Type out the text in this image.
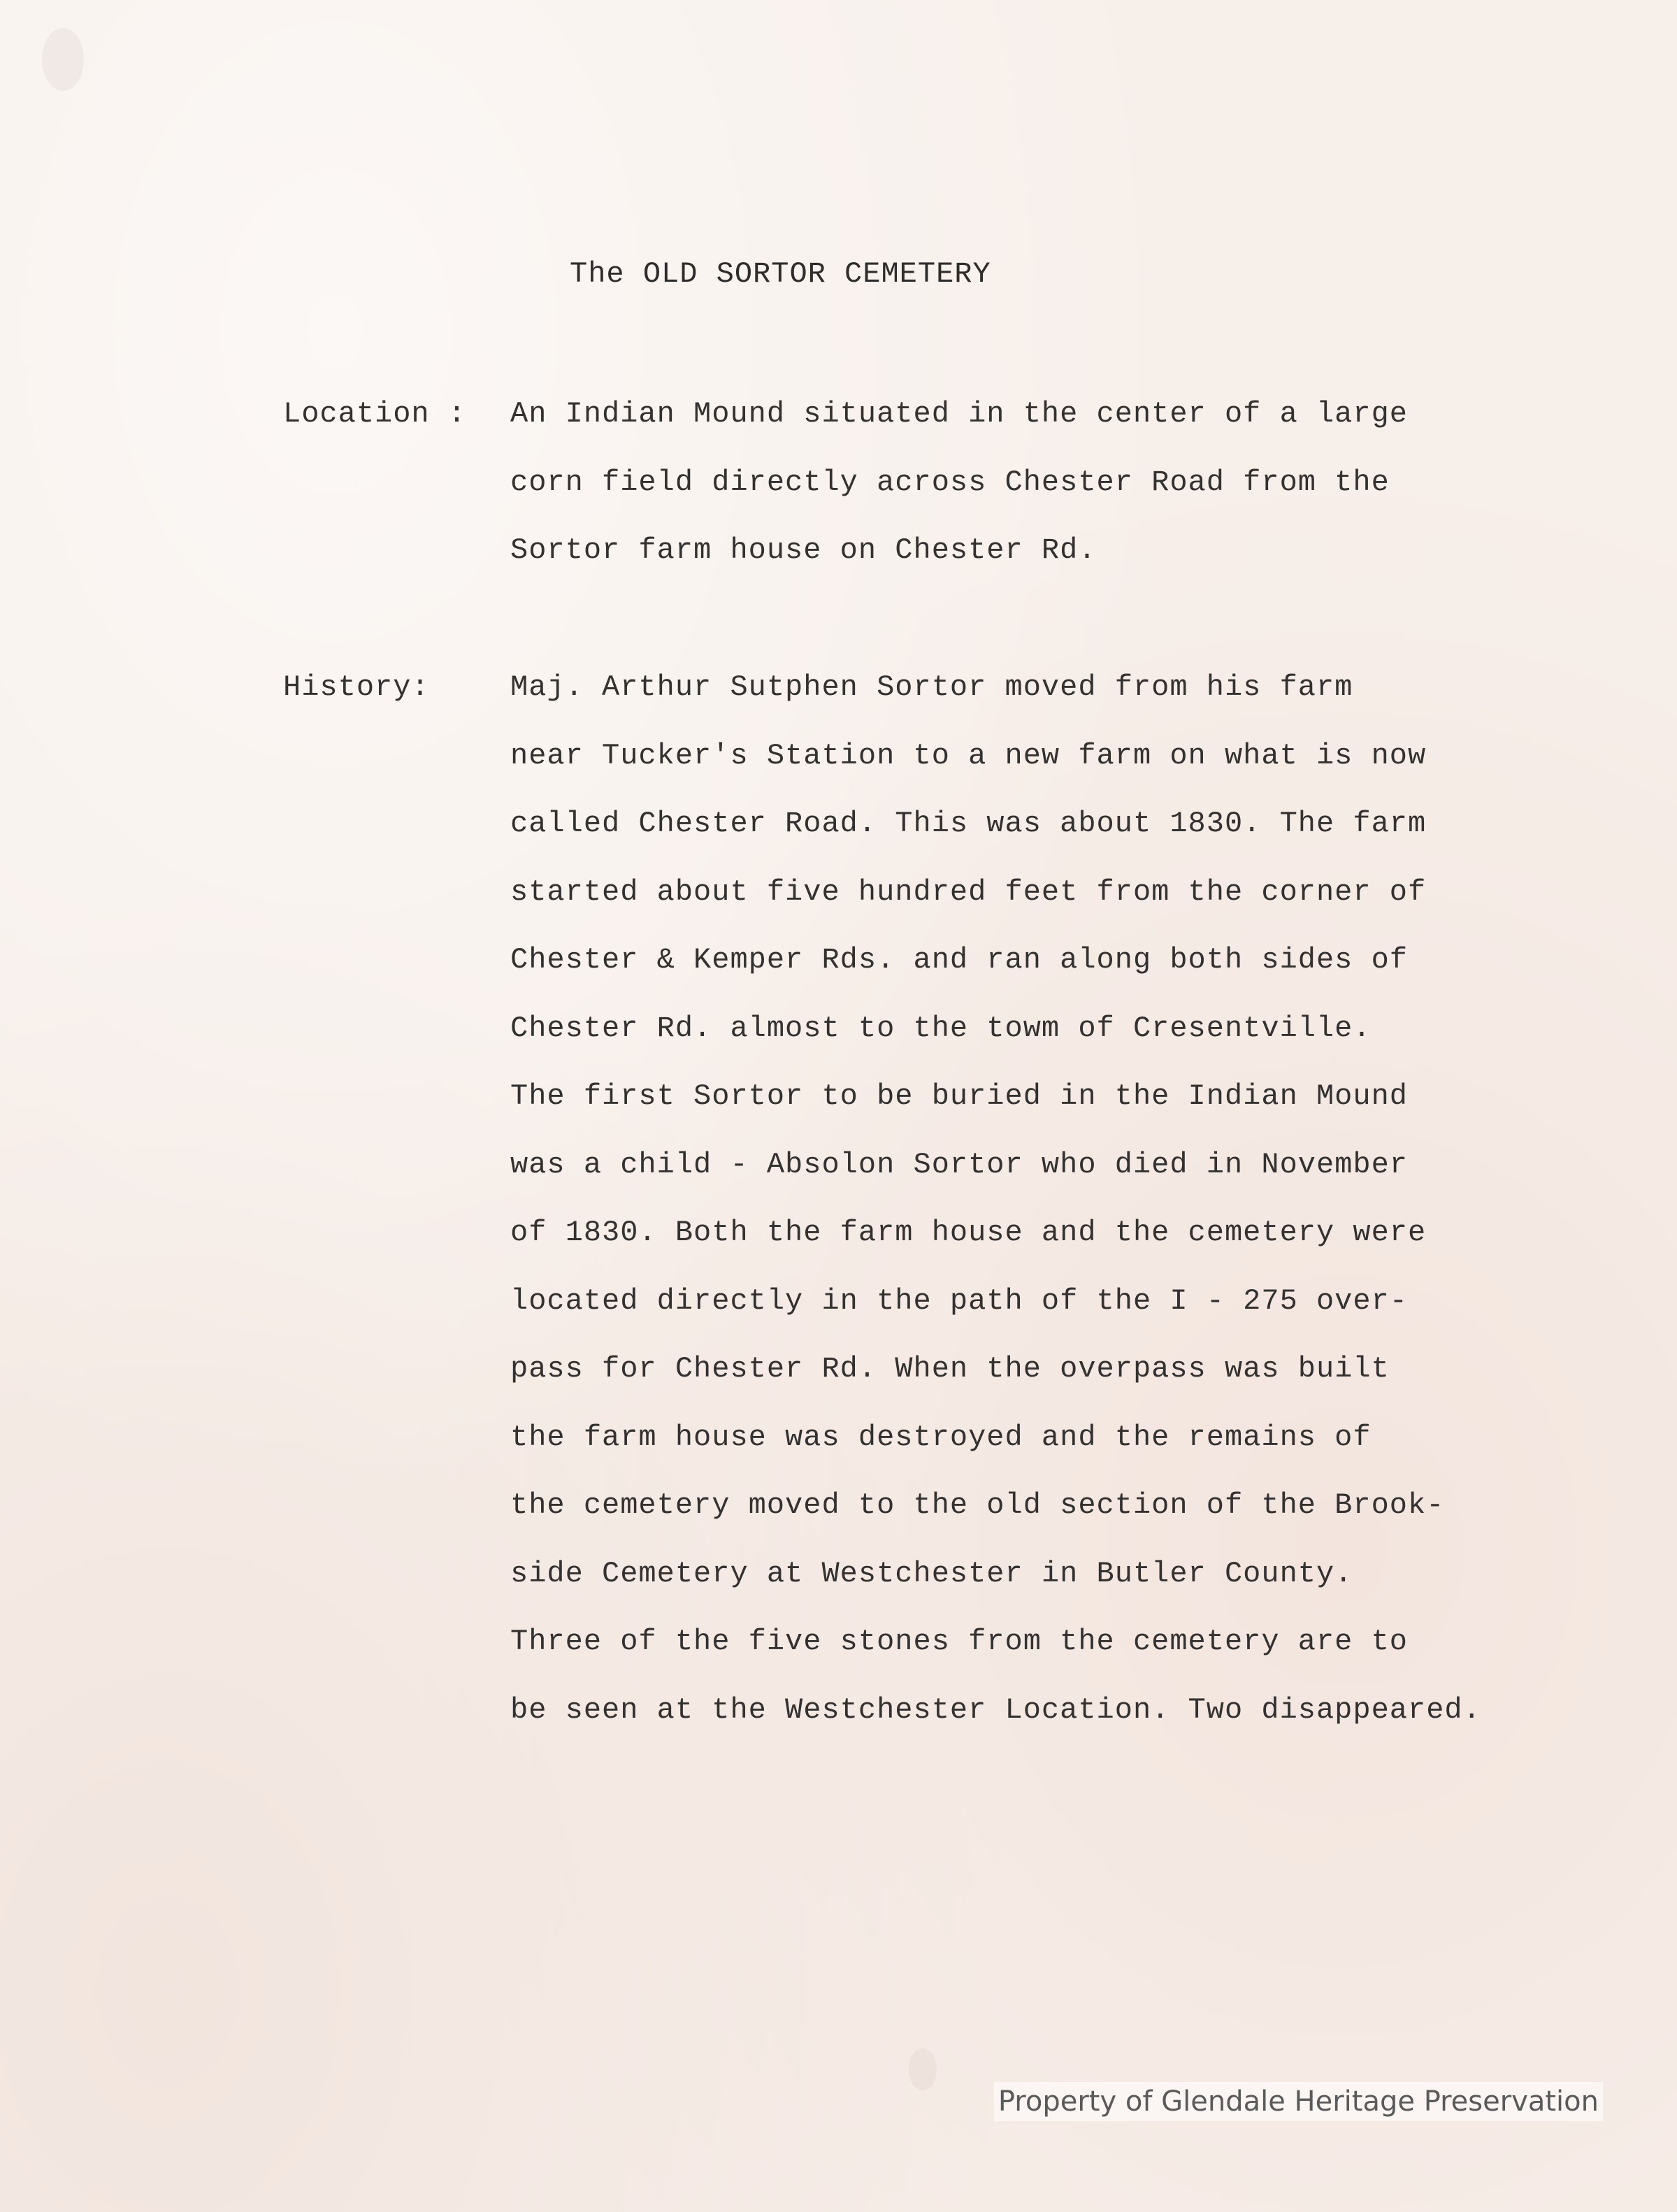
The OLD SORTOR CEMETERY
Location : An Indian Mound situated in the center of a large
corn field directly across Chester Road from the
Sortor farm house on Chester Rd.
History:	Maj. Arthur Sutphen Sortor moved from his farm
near Tucker's Station to a new farm on what is now
called Chester Road. This was about 1830. The farm
started about five hundred feet from the corner of
Chester & Kemper Rds. and ran along both sides of
Chester Rd. almost to the towm of Cresentville.
The first Sortor to be buried in the Indian Mound
was a child - Absolon Sortor who died in November
of 1830. Both the farm house and the cemetery were
located directly in the path of the I - 275 over-
pass for Chester Rd. When the overpass was built
the farm house was destroyed and the remains of
the cemetery moved to the old section of the Brook-
side Cemetery at Westchester in Butler County.
Three of the five stones from the cemetery are to
be seen at the Westchester Location. Two disappeared.
Property of Glendale Heritage Preservation
